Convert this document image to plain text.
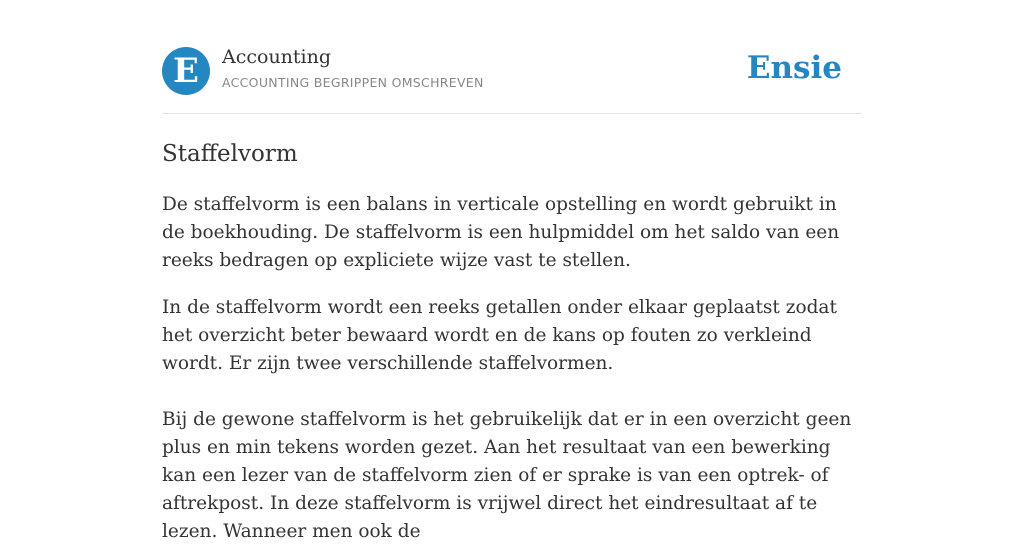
E	Accounting
ACCOUNTING BEGRIPPEN OMSCHREVEN	Ensie
Staffelvorm

De staffelvorm is een balans in verticale opstelling en wordt gebruikt in de boekhouding. De staffelvorm is een hulpmiddel om het saldo van een reeks bedragen op expliciete wijze vast te stellen.

In de staffelvorm wordt een reeks getallen onder elkaar geplaatst zodat het overzicht beter bewaard wordt en de kans op fouten zo verkleind wordt. Er zijn twee verschillende staffelvormen.

Bij de gewone staffelvorm is het gebruikelijk dat er in een overzicht geen plus en min tekens worden gezet. Aan het resultaat van een bewerking kan een lezer van de staffelvorm zien of er sprake is van een optrek- of aftrekpost. In deze staffelvorm is vrijwel direct het eindresultaat af te lezen. Wanneer men ook de
